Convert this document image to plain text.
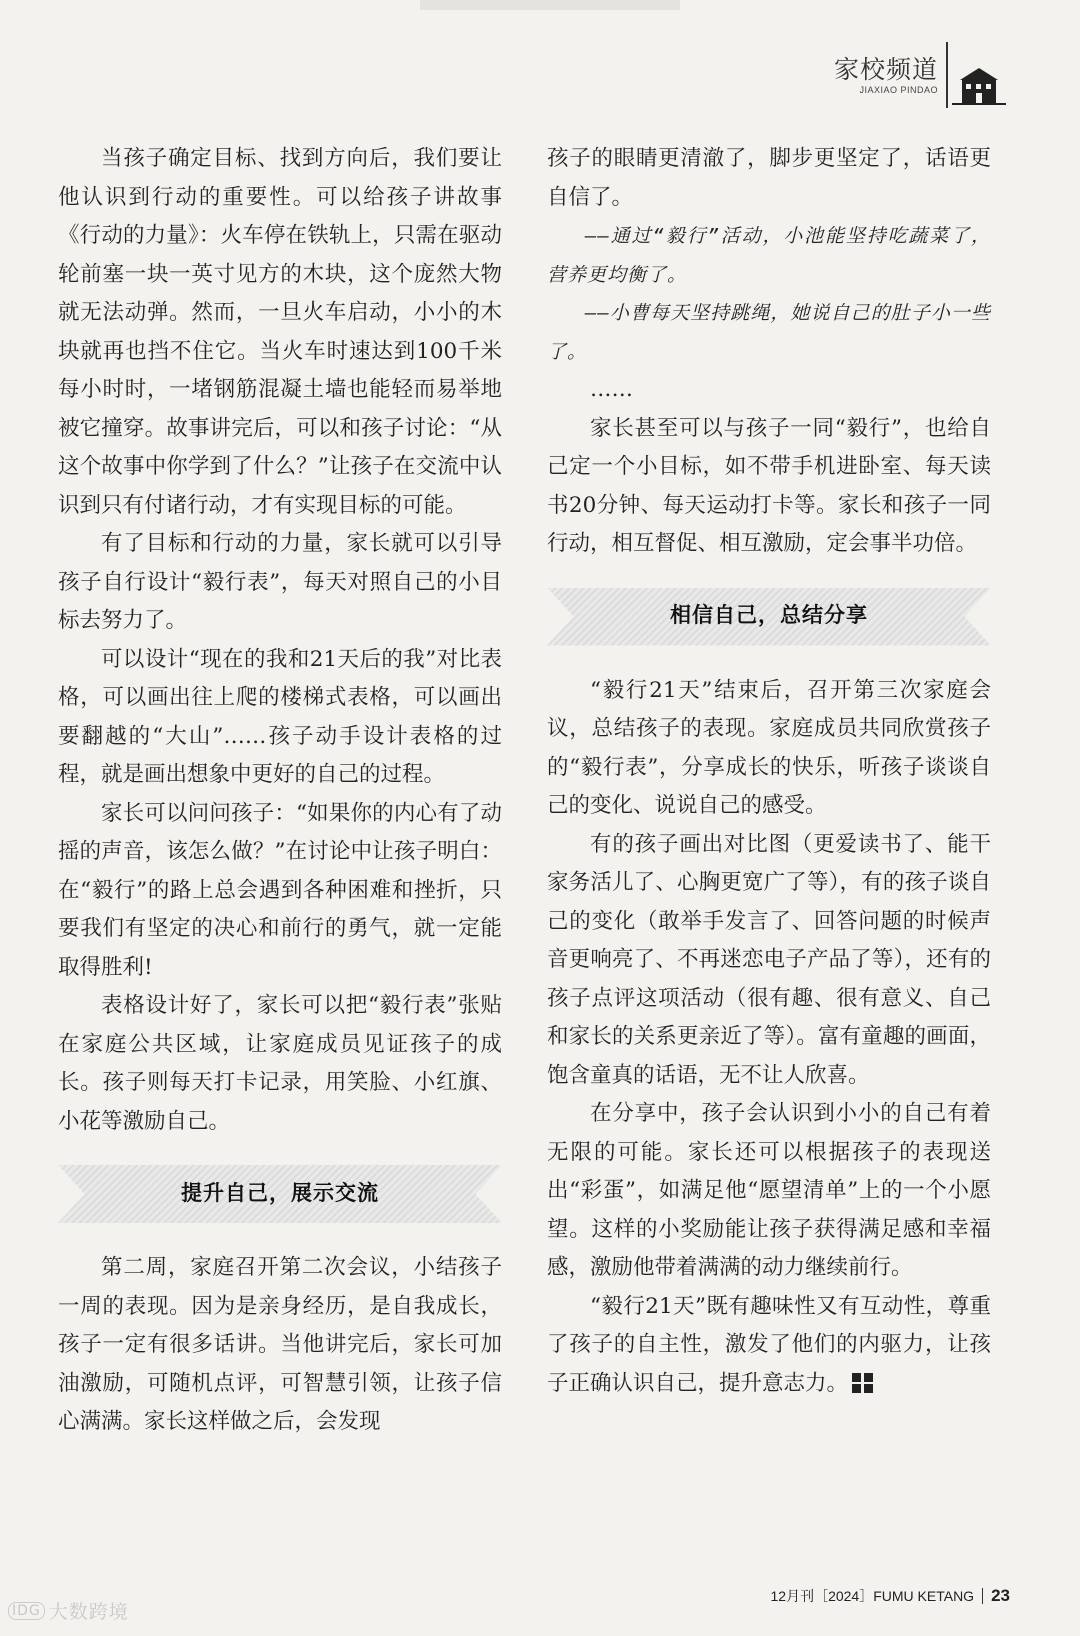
家校频道
JIAXIAO PINDAO

当孩子确定目标、找到方向后，我们要让他认识到行动的重要性。可以给孩子讲故事《行动的力量》：火车停在铁轨上，只需在驱动轮前塞一块一英寸见方的木块，这个庞然大物就无法动弹。然而，一旦火车启动，小小的木块就再也挡不住它。当火车时速达到100千米每小时时，一堵钢筋混凝土墙也能轻而易举地被它撞穿。故事讲完后，可以和孩子讨论：“从这个故事中你学到了什么？”让孩子在交流中认识到只有付诸行动，才有实现目标的可能。

有了目标和行动的力量，家长就可以引导孩子自行设计“毅行表”，每天对照自己的小目标去努力了。

可以设计“现在的我和21天后的我”对比表格，可以画出往上爬的楼梯式表格，可以画出要翻越的“大山”……孩子动手设计表格的过程，就是画出想象中更好的自己的过程。

家长可以问问孩子：“如果你的内心有了动摇的声音，该怎么做？”在讨论中让孩子明白：在“毅行”的路上总会遇到各种困难和挫折，只要我们有坚定的决心和前行的勇气，就一定能取得胜利!

表格设计好了，家长可以把“毅行表”张贴在家庭公共区域，让家庭成员见证孩子的成长。孩子则每天打卡记录，用笑脸、小红旗、小花等激励自己。

提升自己，展示交流

第二周，家庭召开第二次会议，小结孩子一周的表现。因为是亲身经历，是自我成长，孩子一定有很多话讲。当他讲完后，家长可加油激励，可随机点评，可智慧引领，让孩子信心满满。家长这样做之后，会发现

孩子的眼睛更清澈了，脚步更坚定了，话语更自信了。

——通过“毅行”活动，小池能坚持吃蔬菜了，营养更均衡了。

——小曹每天坚持跳绳，她说自己的肚子小一些了。

……

家长甚至可以与孩子一同“毅行”，也给自己定一个小目标，如不带手机进卧室、每天读书20分钟、每天运动打卡等。家长和孩子一同行动，相互督促、相互激励，定会事半功倍。

相信自己，总结分享

“毅行21天”结束后，召开第三次家庭会议，总结孩子的表现。家庭成员共同欣赏孩子的“毅行表”，分享成长的快乐，听孩子谈谈自己的变化、说说自己的感受。

有的孩子画出对比图（更爱读书了、能干家务活儿了、心胸更宽广了等），有的孩子谈自己的变化（敢举手发言了、回答问题的时候声音更响亮了、不再迷恋电子产品了等），还有的孩子点评这项活动（很有趣、很有意义、自己和家长的关系更亲近了等）。富有童趣的画面，饱含童真的话语，无不让人欣喜。

在分享中，孩子会认识到小小的自己有着无限的可能。家长还可以根据孩子的表现送出“彩蛋”，如满足他“愿望清单”上的一个小愿望。这样的小奖励能让孩子获得满足感和幸福感，激励他带着满满的动力继续前行。

“毅行21天”既有趣味性又有互动性，尊重了孩子的自主性，激发了他们的内驱力，让孩子正确认识自己，提升意志力。

12月刊［2024］FUMU KETANG 23
IDG 大数跨境
